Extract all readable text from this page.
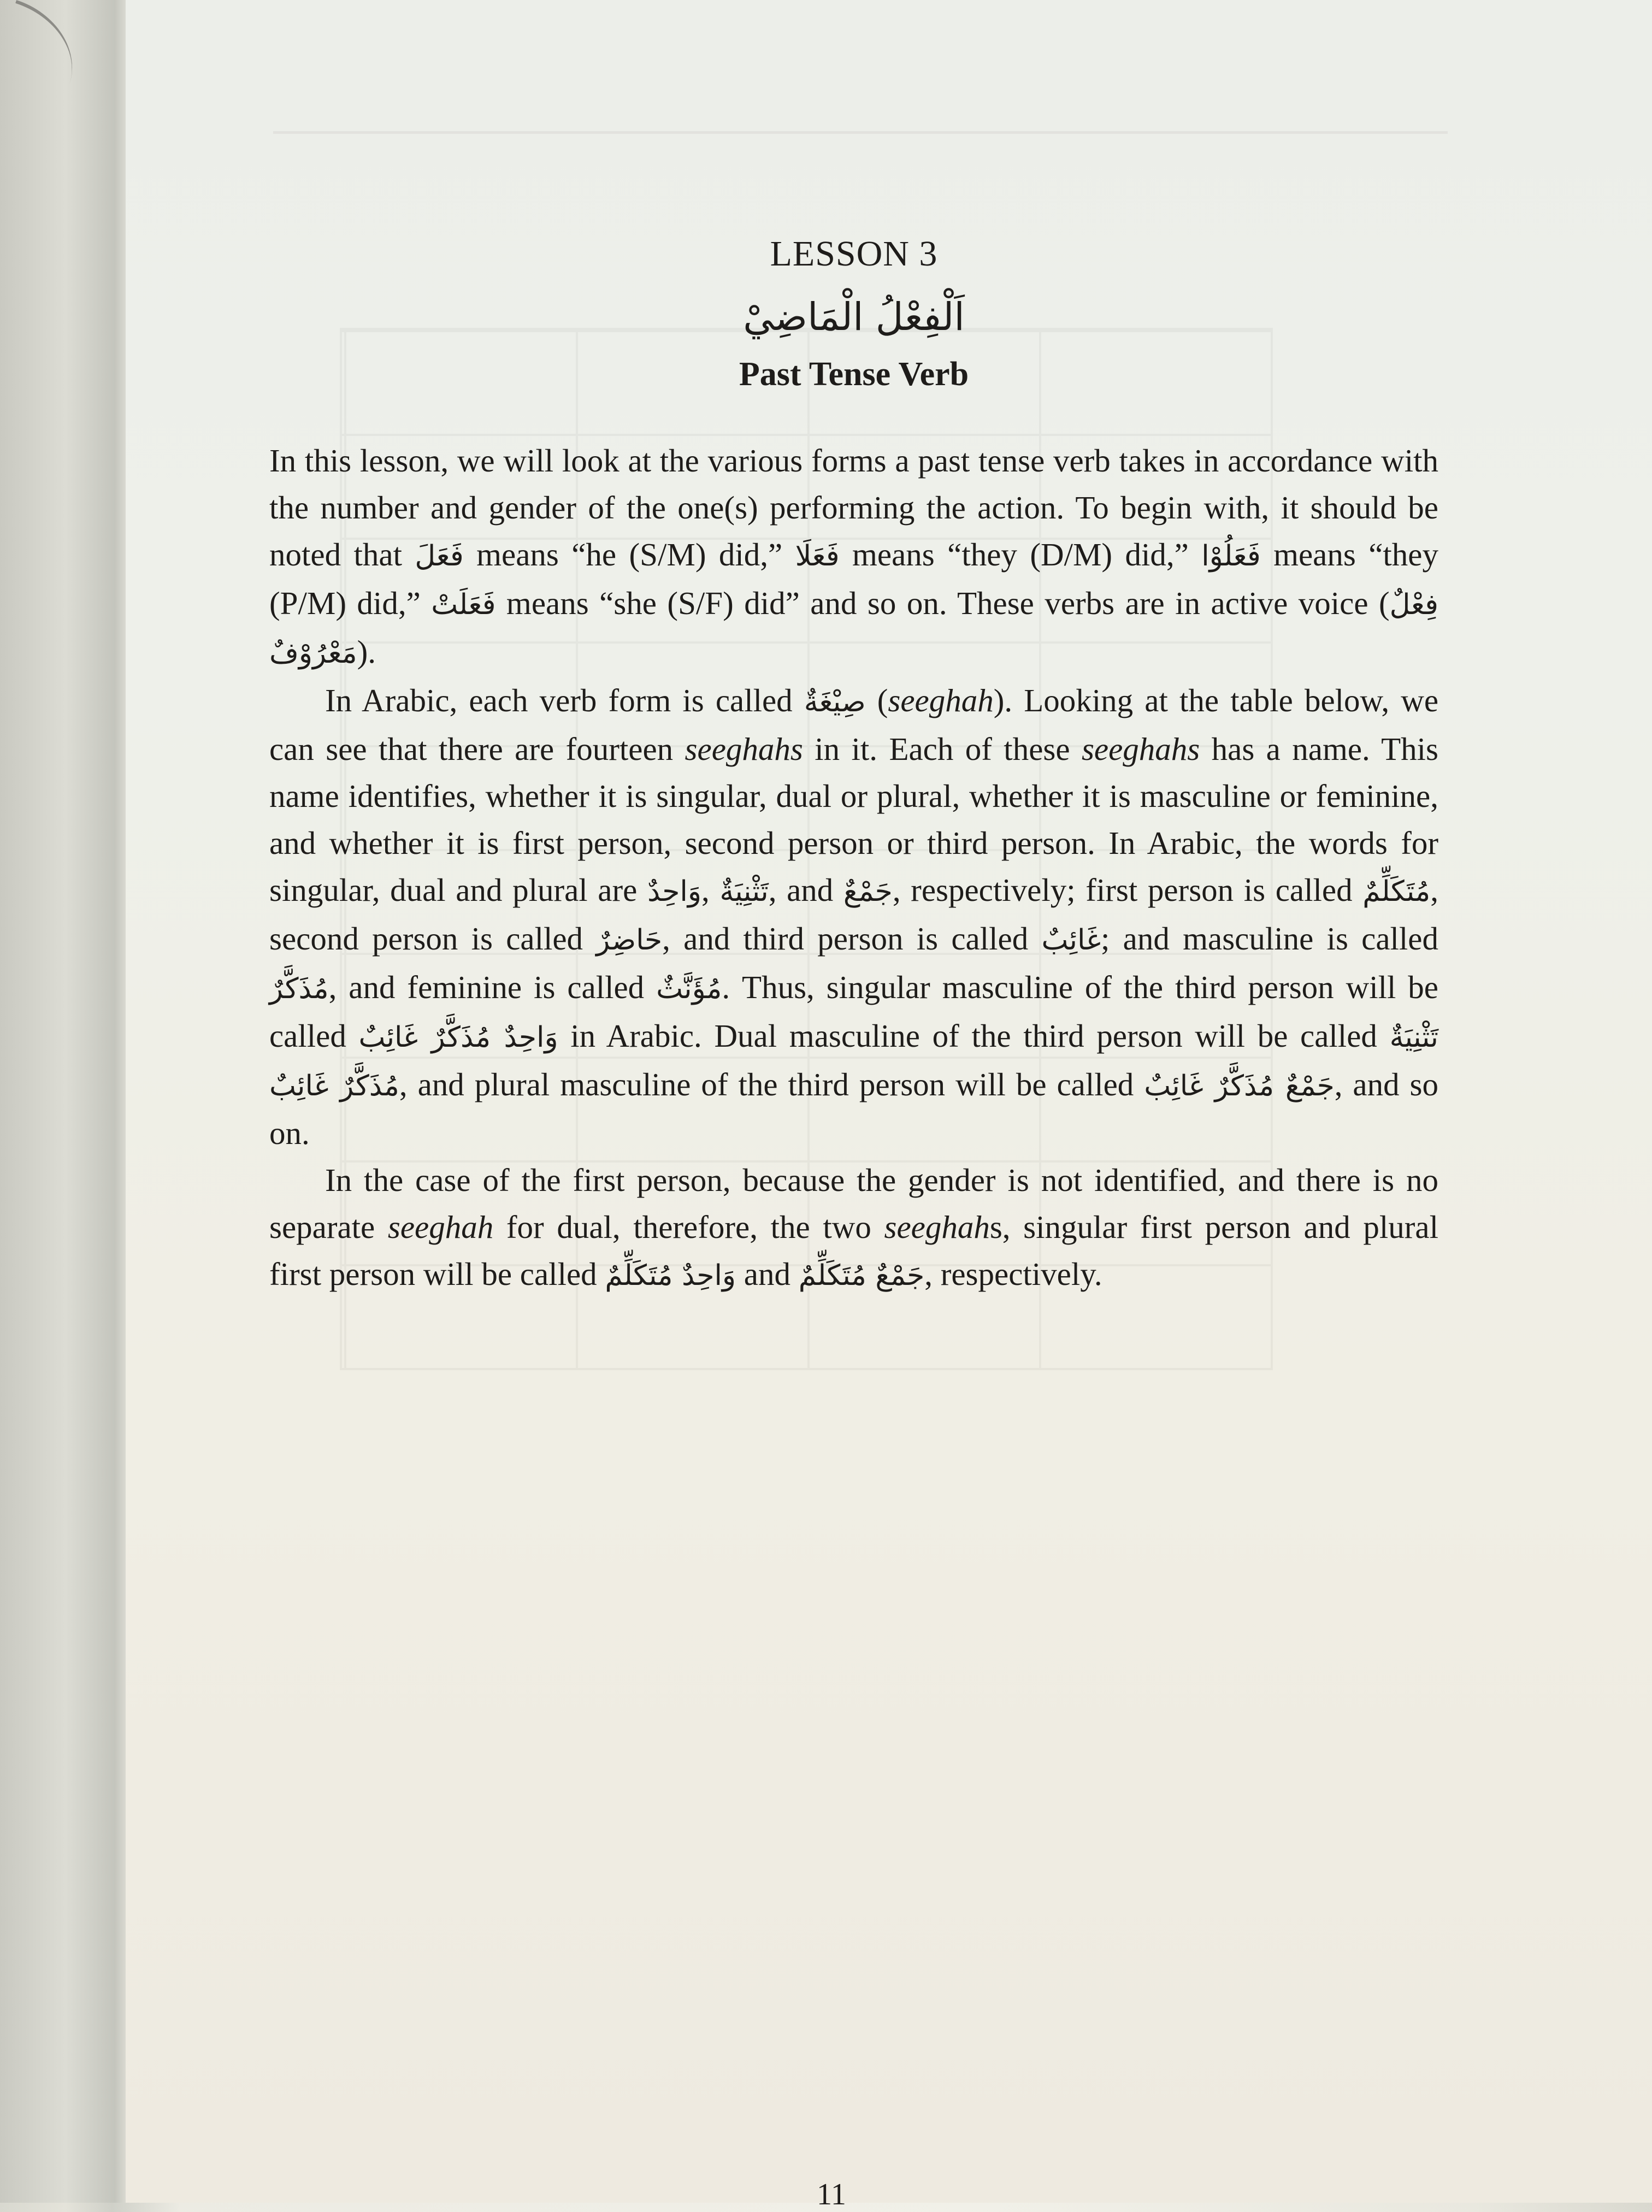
LESSON 3
اَلْفِعْلُ الْمَاضِيْ
Past Tense Verb

In this lesson, we will look at the various forms a past tense verb takes in accordance with the number and gender of the one(s) performing the action. To begin with, it should be noted that فَعَلَ means “he (S/M) did,” فَعَلَا means “they (D/M) did,” فَعَلُوْا means “they (P/M) did,” فَعَلَتْ means “she (S/F) did” and so on. These verbs are in active voice (فِعْلٌ مَعْرُوْفٌ).

In Arabic, each verb form is called صِيْغَةٌ (seeghah). Looking at the table below, we can see that there are fourteen seeghahs in it. Each of these seeghahs has a name. This name identifies, whether it is singular, dual or plural, whether it is masculine or feminine, and whether it is first person, second person or third person. In Arabic, the words for singular, dual and plural are وَاحِدٌ, تَثْنِيَةٌ, and جَمْعٌ, respectively; first person is called مُتَكَلِّمٌ, second person is called حَاضِرٌ, and third person is called غَائِبٌ; and masculine is called مُذَكَّرٌ, and feminine is called مُؤَنَّثٌ. Thus, singular masculine of the third person will be called وَاحِدٌ مُذَكَّرٌ غَائِبٌ in Arabic. Dual masculine of the third person will be called تَثْنِيَةٌ مُذَكَّرٌ غَائِبٌ, and plural masculine of the third person will be called جَمْعٌ مُذَكَّرٌ غَائِبٌ, and so on.

In the case of the first person, because the gender is not identified, and there is no separate seeghah for dual, therefore, the two seeghahs, singular first person and plural first person will be called وَاحِدٌ مُتَكَلِّمٌ and جَمْعٌ مُتَكَلِّمٌ, respectively.

11
